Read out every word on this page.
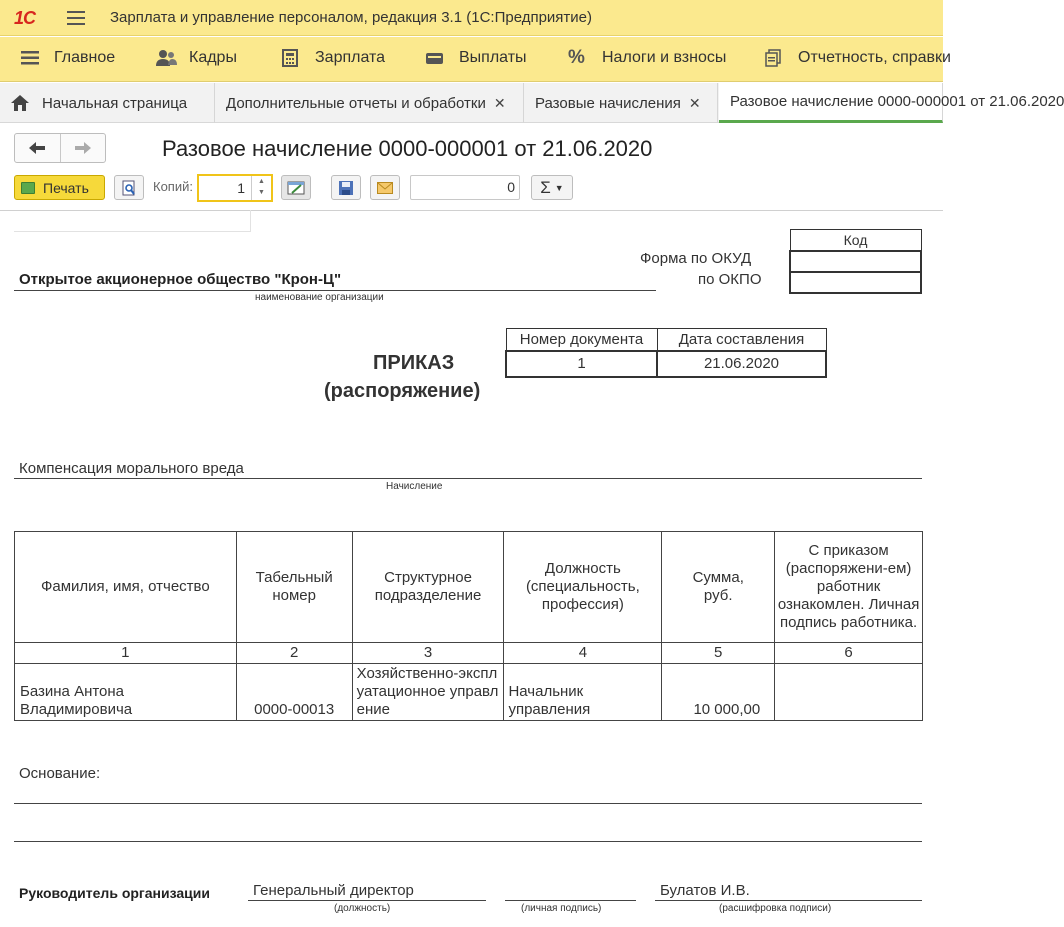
1С	Зарплата и управление персоналом, редакция 3.1 (1С:Предприятие)
Главное	Кадры	Зарплата	Выплаты % Налоги и взносы	Отчетность, справки
Начальная страница	Дополнительные отчеты и обработки ✕ Разовые начисления ✕ Разовое начисление 0000-000001 от 21.06.2020
Разовое начисление 0000-000001 от 21.06.2020
Печать	Копий:	1	▲
▼	0 Σ ▼
Открытое акционерное общество "Крон-Ц"
наименование организации
Форма по ОКУД
по ОКПО
Код

Номер документа	Дата составления
1	21.06.2020
ПРИКАЗ
(распоряжение)
Компенсация морального вреда
Начисление
Фамилия, имя, отчество	Табельный номер	Структурное подразделение	Должность (специальность, профессия)	Сумма, руб.	С приказом (распоряжени-ем) работник ознакомлен. Личная подпись работника.
1	2	3	4	5	6
Базина Антона Владимировича	0000-00013	Хозяйственно-эксплуатационное управление	Начальник управления	10 000,00	
Основание:
Руководитель организации	Генеральный директор
(должность)	(личная подпись)
Булатов И.В.
(расшифровка подписи)
